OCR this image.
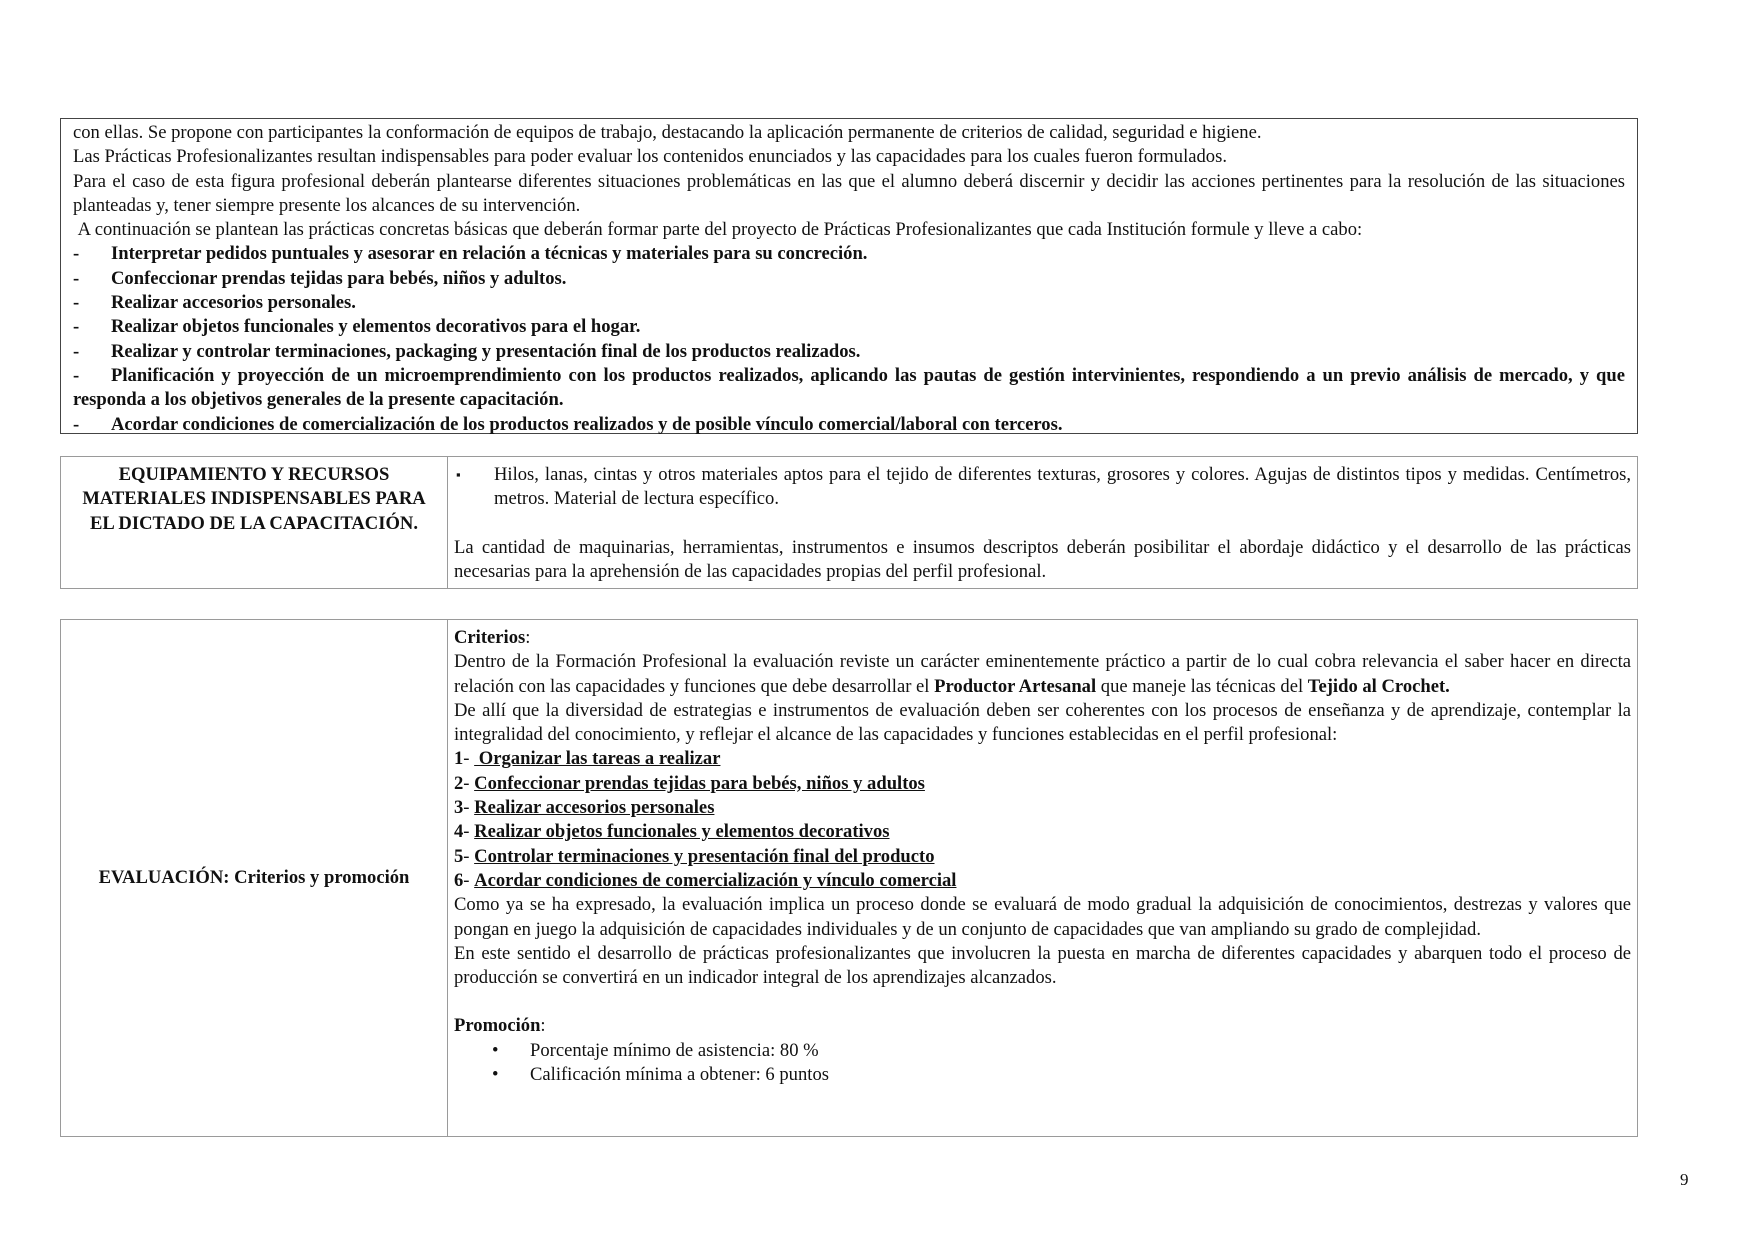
con ellas. Se propone con participantes la conformación de equipos de trabajo, destacando la aplicación permanente de criterios de calidad, seguridad e higiene.

Las Prácticas Profesionalizantes resultan indispensables para poder evaluar los contenidos enunciados y las capacidades para los cuales fueron formulados.

Para el caso de esta figura profesional deberán plantearse diferentes situaciones problemáticas en las que el alumno deberá discernir y decidir las acciones pertinentes para la resolución de las situaciones planteadas y, tener siempre presente los alcances de su intervención.

A continuación se plantean las prácticas concretas básicas que deberán formar parte del proyecto de Prácticas Profesionalizantes que cada Institución formule y lleve a cabo:

- Interpretar pedidos puntuales y asesorar en relación a técnicas y materiales para su concreción.

- Confeccionar prendas tejidas para bebés, niños y adultos.

- Realizar accesorios personales.

- Realizar objetos funcionales y elementos decorativos para el hogar.

- Realizar y controlar terminaciones, packaging y presentación final de los productos realizados.

- Planificación y proyección de un microemprendimiento con los productos realizados, aplicando las pautas de gestión intervinientes, respondiendo a un previo análisis de mercado, y que responda a los objetivos generales de la presente capacitación.

- Acordar condiciones de comercialización de los productos realizados y de posible vínculo comercial/laboral con terceros.

EQUIPAMIENTO Y RECURSOS MATERIALES INDISPENSABLES PARA EL DICTADO DE LA CAPACITACIÓN.	
▪	Hilos, lanas, cintas y otros materiales aptos para el tejido de diferentes texturas, grosores y colores. Agujas de distintos tipos y medidas. Centímetros, metros. Material de lectura específico.
La cantidad de maquinarias, herramientas, instrumentos e insumos descriptos deberán posibilitar el abordaje didáctico y el desarrollo de las prácticas necesarias para la aprehensión de las capacidades propias del perfil profesional.
EVALUACIÓN: Criterios y promoción	
Criterios:
Dentro de la Formación Profesional la evaluación reviste un carácter eminentemente práctico a partir de lo cual cobra relevancia el saber hacer en directa relación con las capacidades y funciones que debe desarrollar el Productor Artesanal que maneje las técnicas del Tejido al Crochet.
De allí que la diversidad de estrategias e instrumentos de evaluación deben ser coherentes con los procesos de enseñanza y de aprendizaje, contemplar la integralidad del conocimiento, y reflejar el alcance de las capacidades y funciones establecidas en el perfil profesional:
1-  Organizar las tareas a realizar
2- Confeccionar prendas tejidas para bebés, niños y adultos
3- Realizar accesorios personales
4- Realizar objetos funcionales y elementos decorativos
5- Controlar terminaciones y presentación final del producto
6- Acordar condiciones de comercialización y vínculo comercial
Como ya se ha expresado, la evaluación implica un proceso donde se evaluará de modo gradual la adquisición de conocimientos, destrezas y valores que pongan en juego la adquisición de capacidades individuales y de un conjunto de capacidades que van ampliando su grado de complejidad.
En este sentido el desarrollo de prácticas profesionalizantes que involucren la puesta en marcha de diferentes capacidades y abarquen todo el proceso de producción se convertirá en un indicador integral de los aprendizajes alcanzados.
Promoción:
• Porcentaje mínimo de asistencia: 80 %
• Calificación mínima a obtener: 6 puntos
9
